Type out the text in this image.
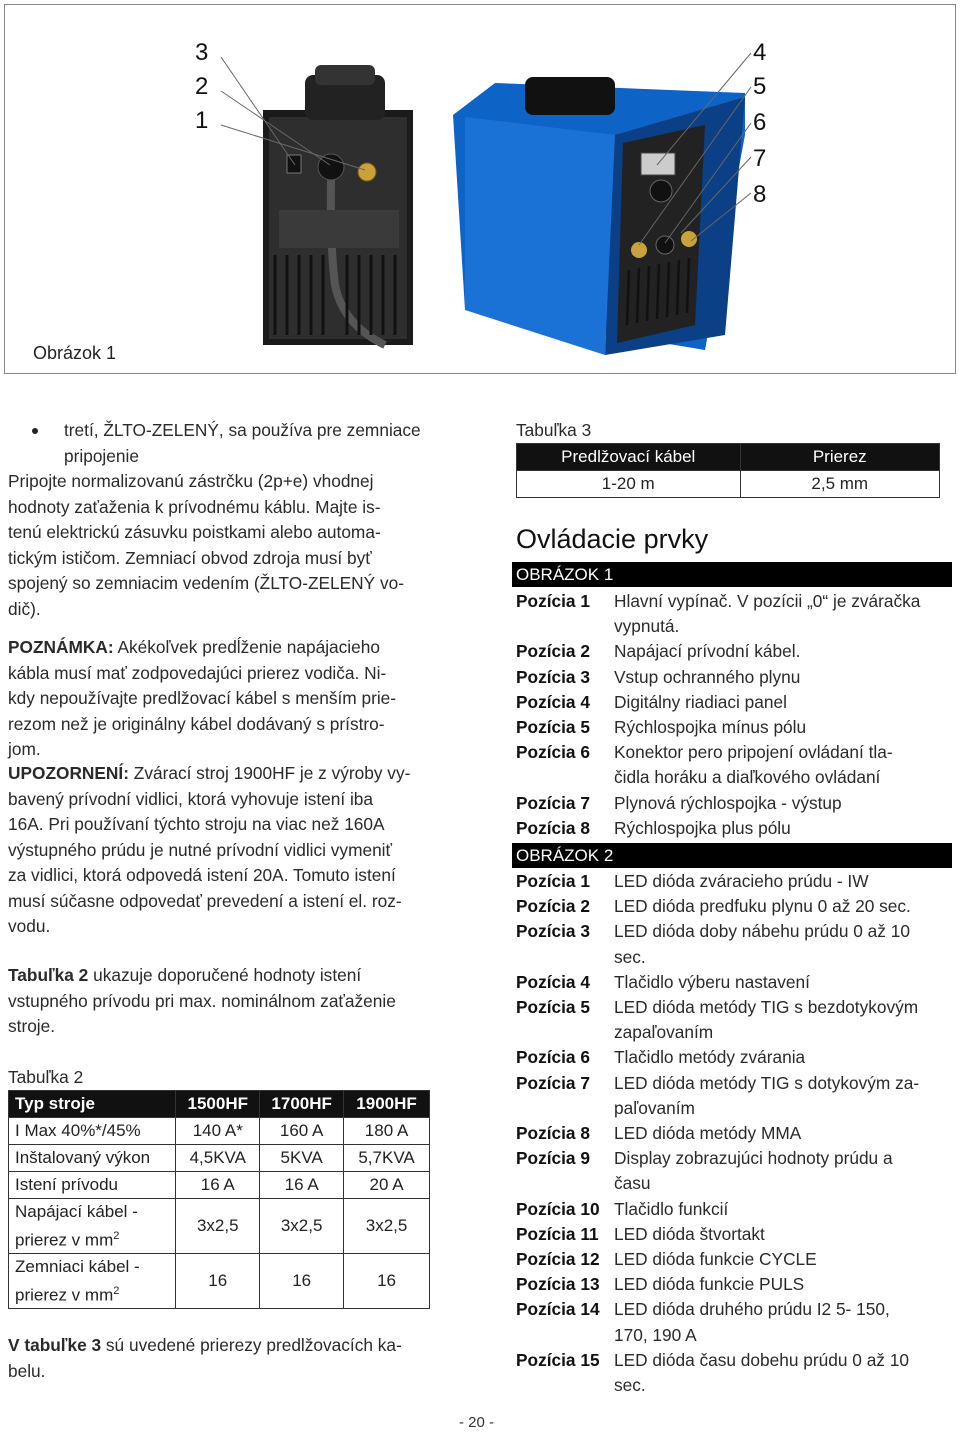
3
2
1
4
5
6
7
8
Obrázok 1
tretí, ŽLTO-ZELENÝ, sa používa pre zemniace pripojenie
Pripojte normalizovanú zástrčku (2p+e) vhodnej
hodnoty zaťaženia k prívodnému káblu. Majte is-
tenú elektrickú zásuvku poistkami alebo automa-
tickým ističom. Zemniací obvod zdroja musí byť
spojený so zemniacim vedením (ŽLTO-ZELENÝ vo-
dič).
POZNÁMKA: Akékoľvek predĺženie napájacieho
kábla musí mať zodpovedajúci prierez vodiča. Ni-
kdy nepoužívajte predlžovací kábel s menším prie-
rezom než je originálny kábel dodávaný s prístro-
jom.
UPOZORNENÍ: Zvárací stroj 1900HF je z výroby vy-
bavený prívodní vidlici, ktorá vyhovuje istení iba
16A. Pri používaní týchto stroju na viac než 160A
výstupného prúdu je nutné prívodní vidlici vymeniť
za vidlici, ktorá odpovedá istení 20A. Tomuto istení
musí súčasne odpovedať prevedení a istení el. roz-
vodu.
Tabuľka 2 ukazuje doporučené hodnoty istení
vstupného prívodu pri max. nominálnom zaťaženie
stroje.
Tabuľka 2
Typ stroje	1500HF	1700HF	1900HF
I Max 40%*/45%	140 A*	160 A	180 A
Inštalovaný výkon	4,5KVA	5KVA	5,7KVA
Istení prívodu	16 A	16 A	20 A

Napájací kábel -
prierez v $mm^2$	3x2,5	3x2,5	3x2,5

Zemniaci kábel -
prierez v $mm^2$	16	16	16
V tabuľke 3 sú uvedené prierezy predlžovacích ka-
belu.
Tabuľka 3
Predlžovací kábel	Prierez
1-20 m	2,5 mm
Ovládacie prvky
OBRÁZOK 1
Pozícia 1	Hlavní vypínač. V pozícii „0“ je zváračka
vypnutá.
Pozícia 2	Napájací prívodní kábel.
Pozícia 3	Vstup ochranného plynu
Pozícia 4	Digitálny riadiaci panel
Pozícia 5	Rýchlospojka mínus pólu
Pozícia 6	Konektor pero pripojení ovládaní tla-
čidla horáku a diaľkového ovládaní
Pozícia 7	Plynová rýchlospojka - výstup
Pozícia 8	Rýchlospojka plus pólu
OBRÁZOK 2
Pozícia 1	LED dióda zváracieho prúdu - IW
Pozícia 2	LED dióda predfuku plynu 0 až 20 sec.
Pozícia 3	LED dióda doby nábehu prúdu 0 až 10
sec.
Pozícia 4	Tlačidlo výberu nastavení
Pozícia 5	LED dióda metódy TIG s bezdotykovým
zapaľovaním
Pozícia 6	Tlačidlo metódy zvárania
Pozícia 7	LED dióda metódy TIG s dotykovým za-
paľovaním
Pozícia 8	LED dióda metódy MMA
Pozícia 9	Display zobrazujúci hodnoty prúdu a
času
Pozícia 10 Tlačidlo funkcií
Pozícia 11 LED dióda štvortakt
Pozícia 12 LED dióda funkcie CYCLE
Pozícia 13 LED dióda funkcie PULS
Pozícia 14 LED dióda druhého prúdu I2 5- 150,
170, 190 A
Pozícia 15 LED dióda času dobehu prúdu 0 až 10
sec.
- 20 -
